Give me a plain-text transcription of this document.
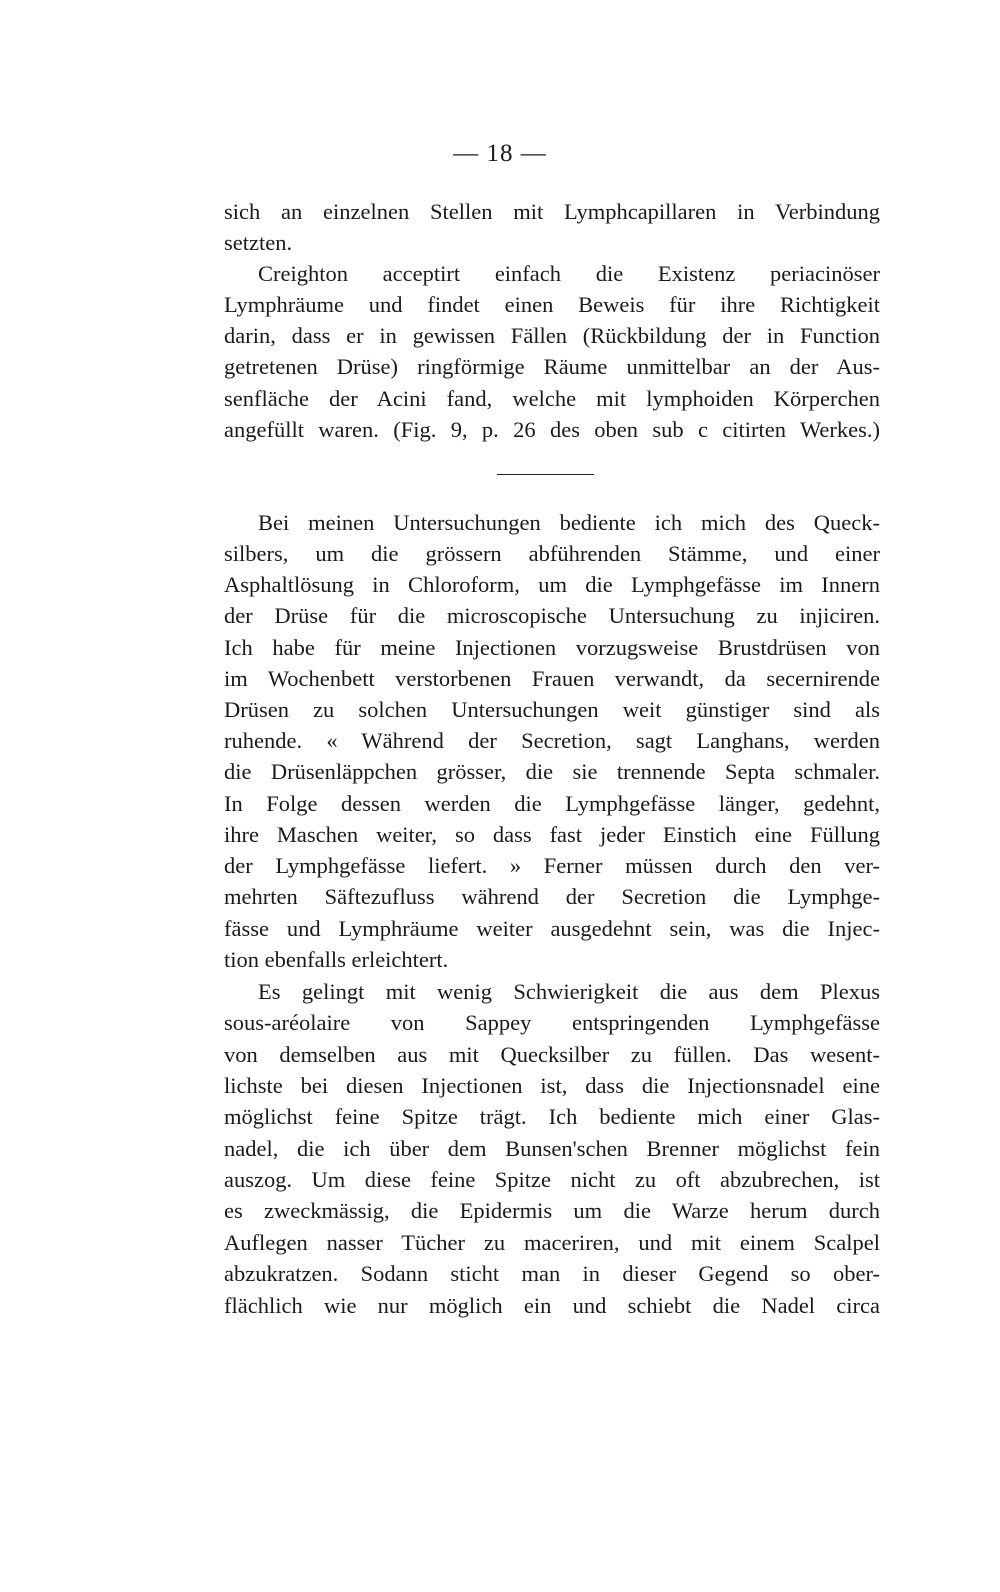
— 18 —
sich an einzelnen Stellen mit Lymphcapillaren in Verbindung
setzten.
Creighton acceptirt einfach die Existenz periacinöser
Lymphräume und findet einen Beweis für ihre Richtigkeit
darin, dass er in gewissen Fällen (Rückbildung der in Function
getretenen Drüse) ringförmige Räume unmittelbar an der Aus-
senfläche der Acini fand, welche mit lymphoiden Körperchen
angefüllt waren. (Fig. 9, p. 26 des oben sub c citirten Werkes.)
Bei meinen Untersuchungen bediente ich mich des Queck-
silbers, um die grössern abführenden Stämme, und einer
Asphaltlösung in Chloroform, um die Lymphgefässe im Innern
der Drüse für die microscopische Untersuchung zu injiciren.
Ich habe für meine Injectionen vorzugsweise Brustdrüsen von
im Wochenbett verstorbenen Frauen verwandt, da secernirende
Drüsen zu solchen Untersuchungen weit günstiger sind als
ruhende. « Während der Secretion, sagt Langhans, werden
die Drüsenläppchen grösser, die sie trennende Septa schmaler.
In Folge dessen werden die Lymphgefässe länger, gedehnt,
ihre Maschen weiter, so dass fast jeder Einstich eine Füllung
der Lymphgefässe liefert. » Ferner müssen durch den ver-
mehrten Säftezufluss während der Secretion die Lymphge-
fässe und Lymphräume weiter ausgedehnt sein, was die Injec-
tion ebenfalls erleichtert.
Es gelingt mit wenig Schwierigkeit die aus dem Plexus
sous-aréolaire von Sappey entspringenden Lymphgefässe
von demselben aus mit Quecksilber zu füllen. Das wesent-
lichste bei diesen Injectionen ist, dass die Injectionsnadel eine
möglichst feine Spitze trägt. Ich bediente mich einer Glas-
nadel, die ich über dem Bunsen'schen Brenner möglichst fein
auszog. Um diese feine Spitze nicht zu oft abzubrechen, ist
es zweckmässig, die Epidermis um die Warze herum durch
Auflegen nasser Tücher zu maceriren, und mit einem Scalpel
abzukratzen. Sodann sticht man in dieser Gegend so ober-
flächlich wie nur möglich ein und schiebt die Nadel circa
